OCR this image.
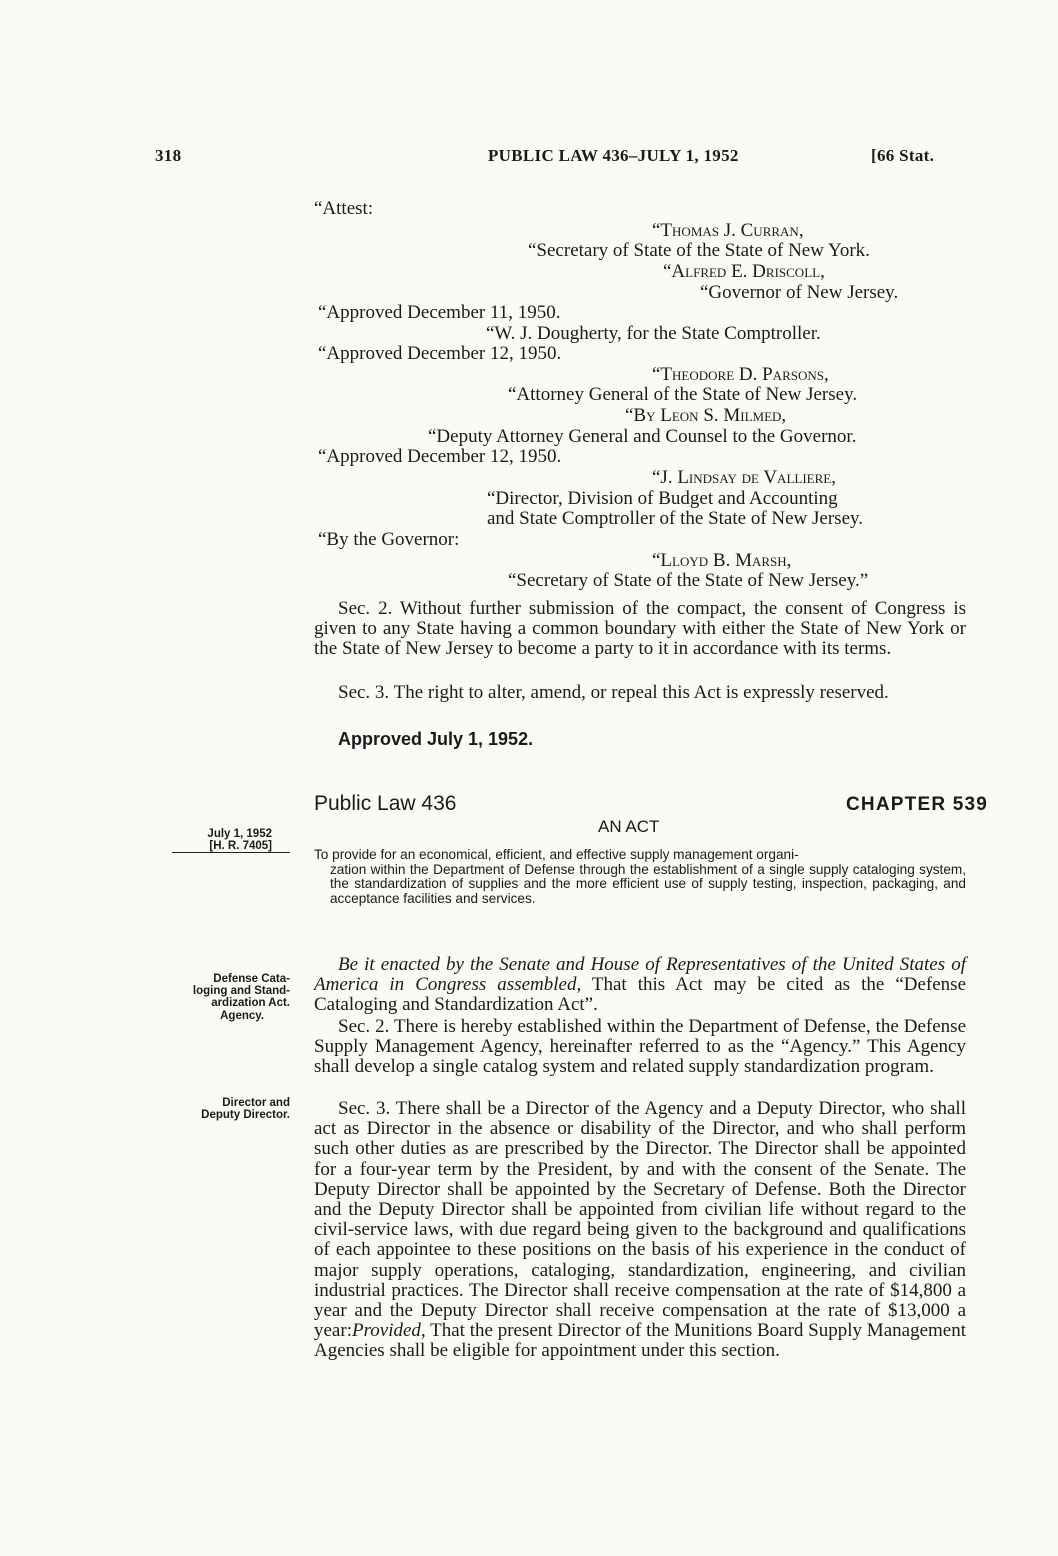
318	PUBLIC LAW 436–JULY 1, 1952	[66 Stat.
“Attest:
“Thomas J. Curran,
“Secretary of State of the State of New York.
“Alfred E. Driscoll,
“Governor of New Jersey.
“Approved December 11, 1950.
“W. J. Dougherty, for the State Comptroller.
“Approved December 12, 1950.
“Theodore D. Parsons,
“Attorney General of the State of New Jersey.
“By Leon S. Milmed,
“Deputy Attorney General and Counsel to the Governor.
“Approved December 12, 1950.
“J. Lindsay de Valliere,
“Director, Division of Budget and Accounting
and State Comptroller of the State of New Jersey.
“By the Governor:
“Lloyd B. Marsh,
“Secretary of State of the State of New Jersey.”

Sec. 2. Without further submission of the compact, the consent of Congress is given to any State having a common boundary with either the State of New York or the State of New Jersey to become a party to it in accordance with its terms.

Sec. 3. The right to alter, amend, or repeal this Act is expressly reserved.

Approved July 1, 1952.
Public Law 436	CHAPTER 539
AN ACT
July 1, 1952
[H. R. 7405]
To provide for an economical, efficient, and effective supply management organi-
zation within the Department of Defense through the establishment of a single supply cataloging system, the standardization of supplies and the more efficient use of supply testing, inspection, packaging, and acceptance facilities and services.
Defense Cata-
loging and Stand-
ardization Act.
Agency.

Be it enacted by the Senate and House of Representatives of the United States of America in Congress assembled, That this Act may be cited as the “Defense Cataloging and Standardization Act”.

Sec. 2. There is hereby established within the Department of Defense, the Defense Supply Management Agency, hereinafter referred to as the “Agency.” This Agency shall develop a single catalog system and related supply standardization program.

Director and
Deputy Director.	Sec. 3. There shall be a Director of the Agency and a Deputy Director, who shall act as Director in the absence or disability of the Director, and who shall perform such other duties as are prescribed by the Director. The Director shall be appointed for a four-year term by the President, by and with the consent of the Senate. The Deputy Director shall be appointed by the Secretary of Defense. Both the Director and the Deputy Director shall be appointed from civilian life without regard to the civil-service laws, with due regard being given to the background and qualifications of each appointee to these positions on the basis of his experience in the conduct of major supply operations, cataloging, standardization, engineering, and civilian industrial practices. The Director shall receive compensation at the rate of $14,800 a year and the Deputy Director shall receive compensation at the rate of $13,000 a year:Provided, That the present Director of the Munitions Board Supply Management Agencies shall be eligible for appointment under this section.
